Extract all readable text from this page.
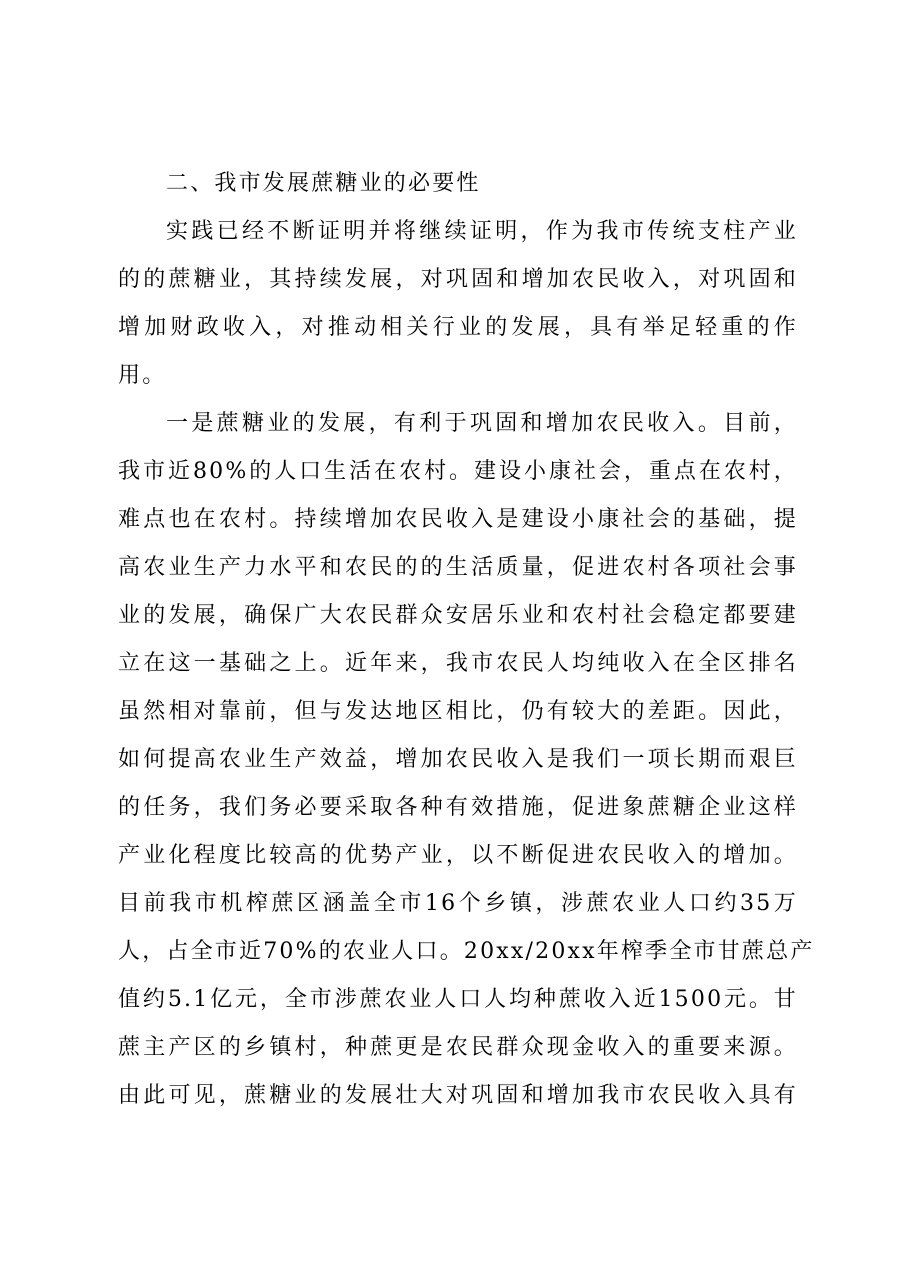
二、我市发展蔗糖业的必要性
实践已经不断证明并将继续证明，作为我市传统支柱产业
的的蔗糖业，其持续发展，对巩固和增加农民收入，对巩固和
增加财政收入，对推动相关行业的发展，具有举足轻重的作
用。
一是蔗糖业的发展，有利于巩固和增加农民收入。目前，
我市近80%的人口生活在农村。建设小康社会，重点在农村，
难点也在农村。持续增加农民收入是建设小康社会的基础，提
高农业生产力水平和农民的的生活质量，促进农村各项社会事
业的发展，确保广大农民群众安居乐业和农村社会稳定都要建
立在这一基础之上。近年来，我市农民人均纯收入在全区排名
虽然相对靠前，但与发达地区相比，仍有较大的差距。因此，
如何提高农业生产效益，增加农民收入是我们一项长期而艰巨
的任务，我们务必要采取各种有效措施，促进象蔗糖企业这样
产业化程度比较高的优势产业，以不断促进农民收入的增加。
目前我市机榨蔗区涵盖全市16个乡镇，涉蔗农业人口约35万
人，占全市近70%的农业人口。20xx/20xx年榨季全市甘蔗总产
值约5.1亿元，全市涉蔗农业人口人均种蔗收入近1500元。甘
蔗主产区的乡镇村，种蔗更是农民群众现金收入的重要来源。
由此可见，蔗糖业的发展壮大对巩固和增加我市农民收入具有
